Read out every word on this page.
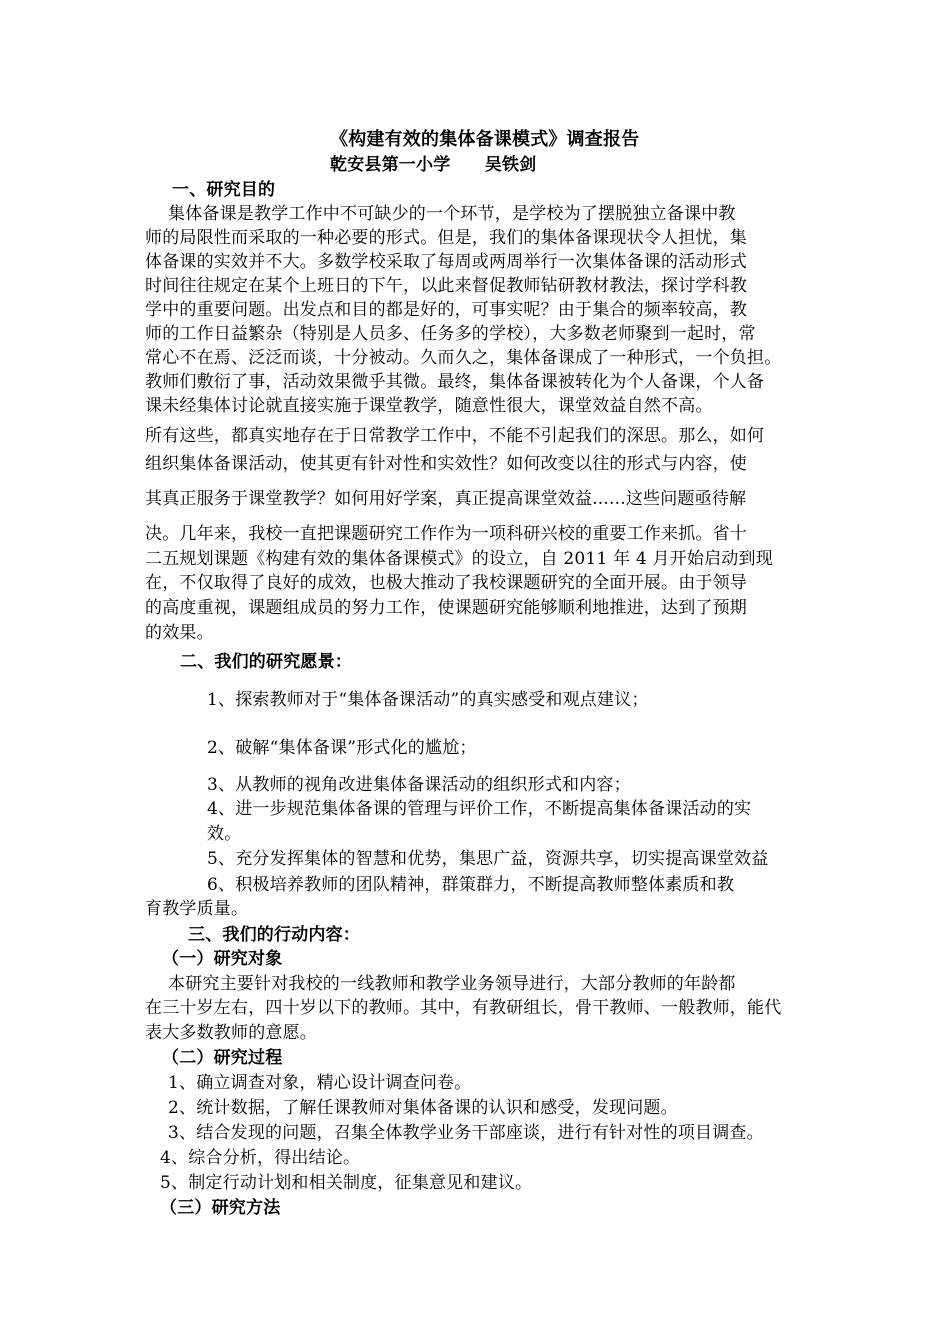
《构建有效的集体备课模式》调查报告
乾安县第一小学　　吴铁剑
一、研究目的
集体备课是教学工作中不可缺少的一个环节，是学校为了摆脱独立备课中教
师的局限性而采取的一种必要的形式。但是，我们的集体备课现状令人担忧，集
体备课的实效并不大。多数学校采取了每周或两周举行一次集体备课的活动形式
时间往往规定在某个上班日的下午，以此来督促教师钻研教材教法，探讨学科教
学中的重要问题。出发点和目的都是好的，可事实呢？由于集合的频率较高，教
师的工作日益繁杂（特别是人员多、任务多的学校），大多数老师聚到一起时，常
常心不在焉、泛泛而谈，十分被动。久而久之，集体备课成了一种形式，一个负担。
教师们敷衍了事，活动效果微乎其微。最终，集体备课被转化为个人备课，个人备
课未经集体讨论就直接实施于课堂教学，随意性很大，课堂效益自然不高。
所有这些，都真实地存在于日常教学工作中，不能不引起我们的深思。那么，如何
组织集体备课活动，使其更有针对性和实效性？如何改变以往的形式与内容，使
其真正服务于课堂教学？如何用好学案，真正提高课堂效益......这些问题亟待解
决。几年来，我校一直把课题研究工作作为一项科研兴校的重要工作来抓。省十
二五规划课题《构建有效的集体备课模式》的设立，自 2011 年 4 月开始启动到现
在，不仅取得了良好的成效，也极大推动了我校课题研究的全面开展。由于领导
的高度重视，课题组成员的努力工作，使课题研究能够顺利地推进，达到了预期
的效果。
二、我们的研究愿景：
1、探索教师对于“集体备课活动”的真实感受和观点建议；
2、破解“集体备课”形式化的尴尬；
3、从教师的视角改进集体备课活动的组织形式和内容；
4、进一步规范集体备课的管理与评价工作，不断提高集体备课活动的实
效。
5、充分发挥集体的智慧和优势，集思广益，资源共享，切实提高课堂效益
6、积极培养教师的团队精神，群策群力，不断提高教师整体素质和教
育教学质量。
三、我们的行动内容：
（一）研究对象
本研究主要针对我校的一线教师和教学业务领导进行，大部分教师的年龄都
在三十岁左右，四十岁以下的教师。其中，有教研组长，骨干教师、一般教师，能代
表大多数教师的意愿。
（二）研究过程
1、确立调查对象，精心设计调查问卷。
2、统计数据，了解任课教师对集体备课的认识和感受，发现问题。
3、结合发现的问题，召集全体教学业务干部座谈，进行有针对性的项目调查。
4、综合分析，得出结论。
5、制定行动计划和相关制度，征集意见和建议。
（三）研究方法
